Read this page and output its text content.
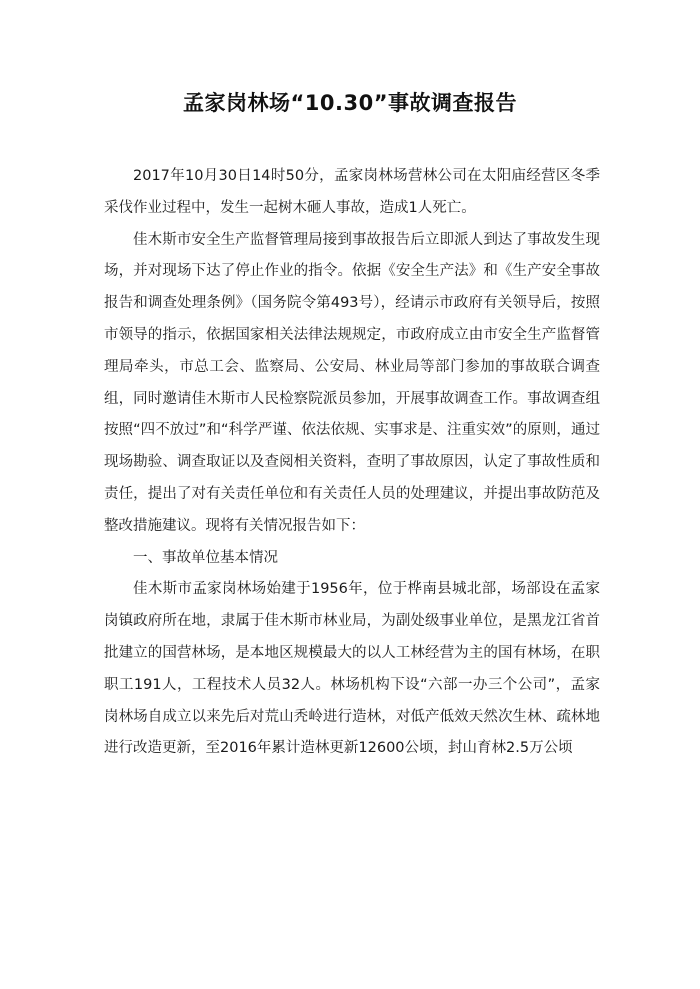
孟家岗林场“10.30”事故调查报告

2017年10月30日14时50分，孟家岗林场营林公司在太阳庙经营区冬季采伐作业过程中，发生一起树木砸人事故，造成1人死亡。

佳木斯市安全生产监督管理局接到事故报告后立即派人到达了事故发生现场，并对现场下达了停止作业的指令。依据《安全生产法》和《生产安全事故报告和调查处理条例》（国务院令第493号），经请示市政府有关领导后，按照市领导的指示，依据国家相关法律法规规定，市政府成立由市安全生产监督管理局牵头，市总工会、监察局、公安局、林业局等部门参加的事故联合调查组，同时邀请佳木斯市人民检察院派员参加，开展事故调查工作。事故调查组按照“四不放过”和“科学严谨、依法依规、实事求是、注重实效”的原则，通过现场勘验、调查取证以及查阅相关资料，查明了事故原因，认定了事故性质和责任，提出了对有关责任单位和有关责任人员的处理建议，并提出事故防范及整改措施建议。现将有关情况报告如下：

一、事故单位基本情况

佳木斯市孟家岗林场始建于1956年，位于桦南县城北部，场部设在孟家岗镇政府所在地，隶属于佳木斯市林业局，为副处级事业单位，是黑龙江省首批建立的国营林场，是本地区规模最大的以人工林经营为主的国有林场，在职职工191人，工程技术人员32人。林场机构下设“六部一办三个公司”，孟家岗林场自成立以来先后对荒山秃岭进行造林，对低产低效天然次生林、疏林地进行改造更新，至2016年累计造林更新12600公顷，封山育林2.5万公顷
